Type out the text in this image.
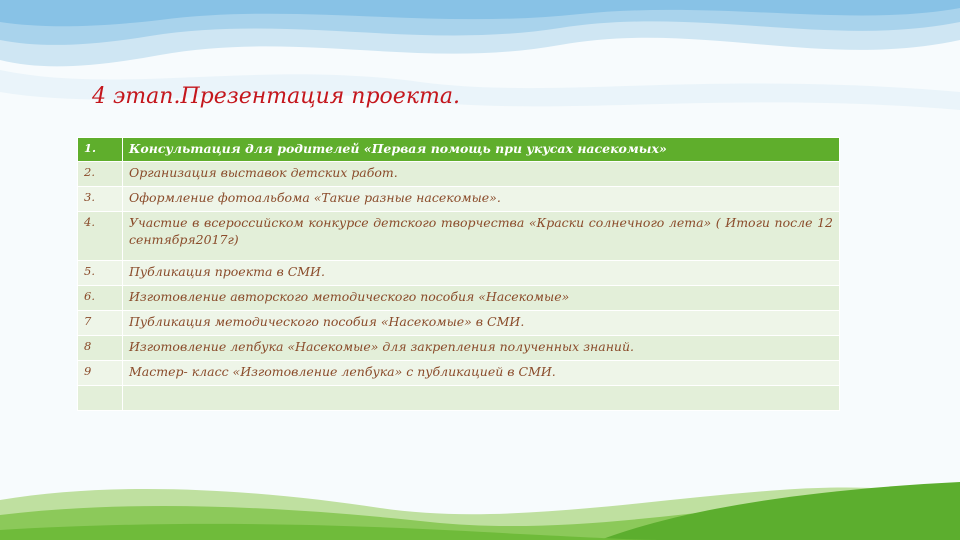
4 этап.Презентация проекта.
1.	Консультация для родителей «Первая помощь при укусах насекомых»
2.	Организация выставок детских работ.
3.	Оформление фотоальбома «Такие разные насекомые».
4.	Участие в всероссийском конкурсе детского творчества «Краски солнечного лета» ( Итоги после 12 сентября2017г)
5.	Публикация проекта в СМИ.
6.	Изготовление авторского методического пособия «Насекомые»
7	Публикация методического пособия «Насекомые» в СМИ.
8	Изготовление лепбука «Насекомые» для закрепления полученных знаний.
9	Мастер- класс «Изготовление лепбука» с публикацией в СМИ.
